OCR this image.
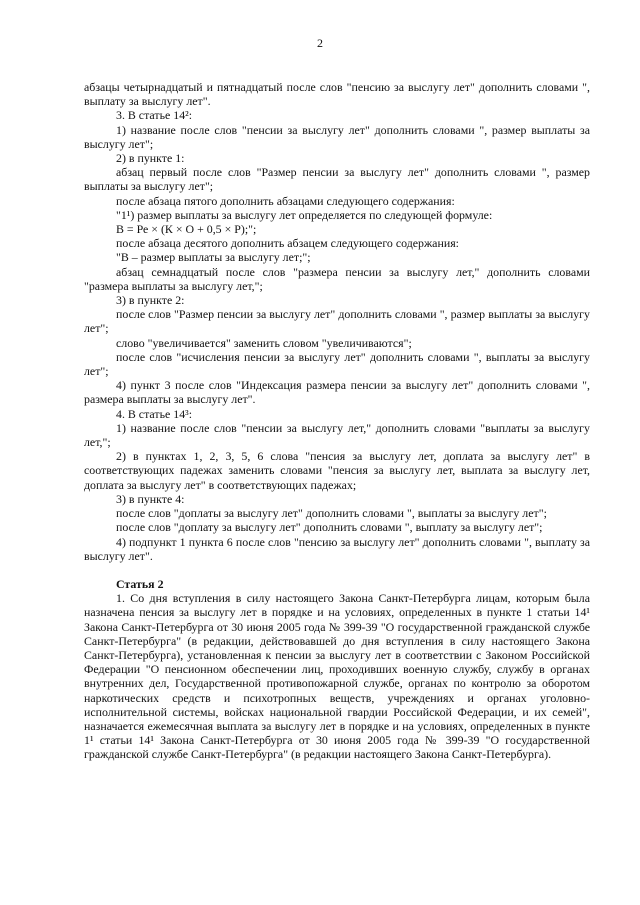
2

абзацы четырнадцатый и пятнадцатый после слов "пенсию за выслугу лет" дополнить словами ", выплату за выслугу лет".

3. В статье 14²:

1) название после слов "пенсии за выслугу лет" дополнить словами ", размер выплаты за выслугу лет";

2) в пункте 1:

абзац первый после слов "Размер пенсии за выслугу лет" дополнить словами ", размер выплаты за выслугу лет";

после абзаца пятого дополнить абзацами следующего содержания:

"1¹) размер выплаты за выслугу лет определяется по следующей формуле:

В = Ре × (К × О + 0,5 × Р);";

после абзаца десятого дополнить абзацем следующего содержания:

"В – размер выплаты за выслугу лет;";

абзац семнадцатый после слов "размера пенсии за выслугу лет," дополнить словами "размера выплаты за выслугу лет,";

3) в пункте 2:

после слов "Размер пенсии за выслугу лет" дополнить словами ", размер выплаты за выслугу лет";

слово "увеличивается" заменить словом "увеличиваются";

после слов "исчисления пенсии за выслугу лет" дополнить словами ", выплаты за выслугу лет";

4) пункт 3 после слов "Индексация размера пенсии за выслугу лет" дополнить словами ", размера выплаты за выслугу лет".

4. В статье 14³:

1) название после слов "пенсии за выслугу лет," дополнить словами "выплаты за выслугу лет,";

2) в пунктах 1, 2, 3, 5, 6 слова "пенсия за выслугу лет, доплата за выслугу лет" в соответствующих падежах заменить словами "пенсия за выслугу лет, выплата за выслугу лет, доплата за выслугу лет" в соответствующих падежах;

3) в пункте 4:

после слов "доплаты за выслугу лет" дополнить словами ", выплаты за выслугу лет";

после слов "доплату за выслугу лет" дополнить словами ", выплату за выслугу лет";

4) подпункт 1 пункта 6 после слов "пенсию за выслугу лет" дополнить словами ", выплату за выслугу лет".

Статья 2

1. Со дня вступления в силу настоящего Закона Санкт-Петербурга лицам, которым была назначена пенсия за выслугу лет в порядке и на условиях, определенных в пункте 1 статьи 14¹ Закона Санкт-Петербурга от 30 июня 2005 года № 399-39 "О государственной гражданской службе Санкт-Петербурга" (в редакции, действовавшей до дня вступления в силу настоящего Закона Санкт-Петербурга), установленная к пенсии за выслугу лет в соответствии с Законом Российской Федерации "О пенсионном обеспечении лиц, проходивших военную службу, службу в органах внутренних дел, Государственной противопожарной службе, органах по контролю за оборотом наркотических средств и психотропных веществ, учреждениях и органах уголовно-исполнительной системы, войсках национальной гвардии Российской Федерации, и их семей", назначается ежемесячная выплата за выслугу лет в порядке и на условиях, определенных в пункте 1¹ статьи 14¹ Закона Санкт-Петербурга от 30 июня 2005 года № 399-39 "О государственной гражданской службе Санкт-Петербурга" (в редакции настоящего Закона Санкт-Петербурга).
